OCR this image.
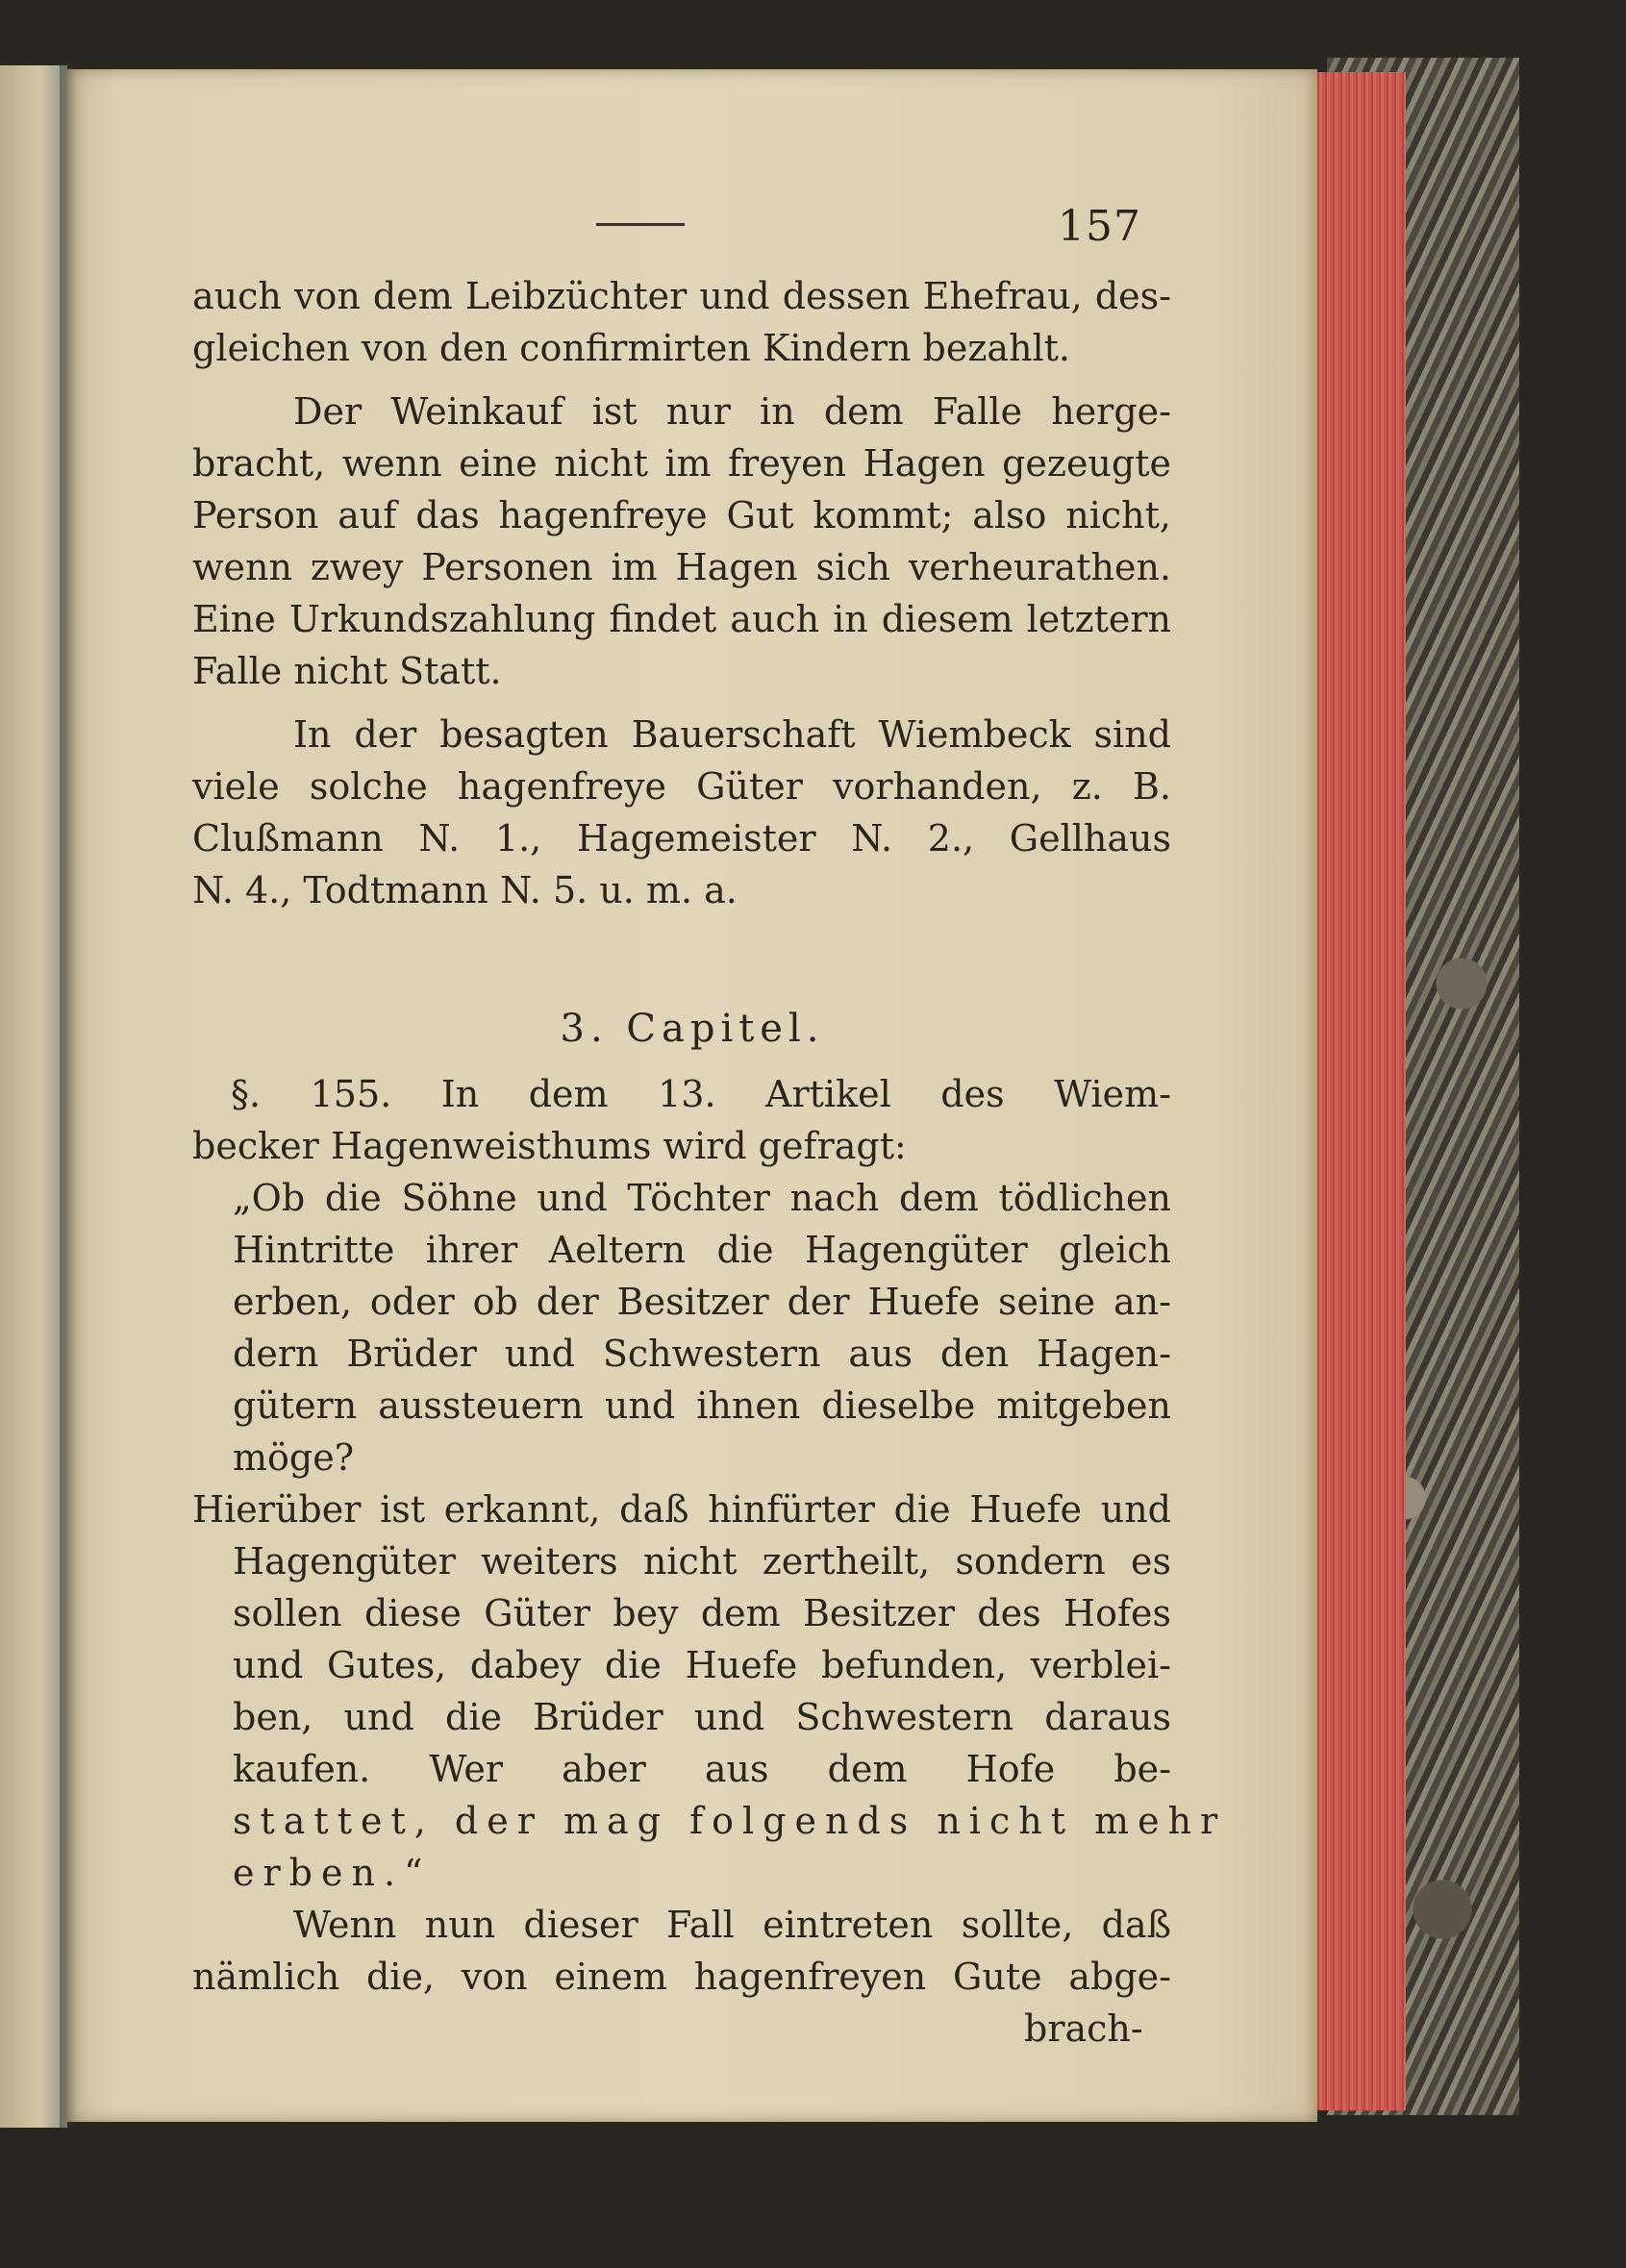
157
auch von dem Leibzüchter und dessen Ehefrau, des-
gleichen von den confirmirten Kindern bezahlt.
Der Weinkauf ist nur in dem Falle herge-
bracht, wenn eine nicht im freyen Hagen gezeugte
Person auf das hagenfreye Gut kommt; also nicht,
wenn zwey Personen im Hagen sich verheurathen.
Eine Urkundszahlung findet auch in diesem letztern
Falle nicht Statt.
In der besagten Bauerschaft Wiembeck sind
viele solche hagenfreye Güter vorhanden, z. B.
Clußmann N. 1., Hagemeister N. 2., Gellhaus
N. 4., Todtmann N. 5. u. m. a.
3. Capitel.
§. 155. In dem 13. Artikel des Wiem-
becker Hagenweisthums wird gefragt:
„Ob die Söhne und Töchter nach dem tödlichen
Hintritte ihrer Aeltern die Hagengüter gleich
erben, oder ob der Besitzer der Huefe seine an-
dern Brüder und Schwestern aus den Hagen-
gütern aussteuern und ihnen dieselbe mitgeben
möge?
Hierüber ist erkannt, daß hinfürter die Huefe und
Hagengüter weiters nicht zertheilt, sondern es
sollen diese Güter bey dem Besitzer des Hofes
und Gutes, dabey die Huefe befunden, verblei-
ben, und die Brüder und Schwestern daraus
kaufen. Wer aber aus dem Hofe be-
stattet, der mag folgends nicht mehr
erben.“
Wenn nun dieser Fall eintreten sollte, daß
nämlich die, von einem hagenfreyen Gute abge-
brach-
